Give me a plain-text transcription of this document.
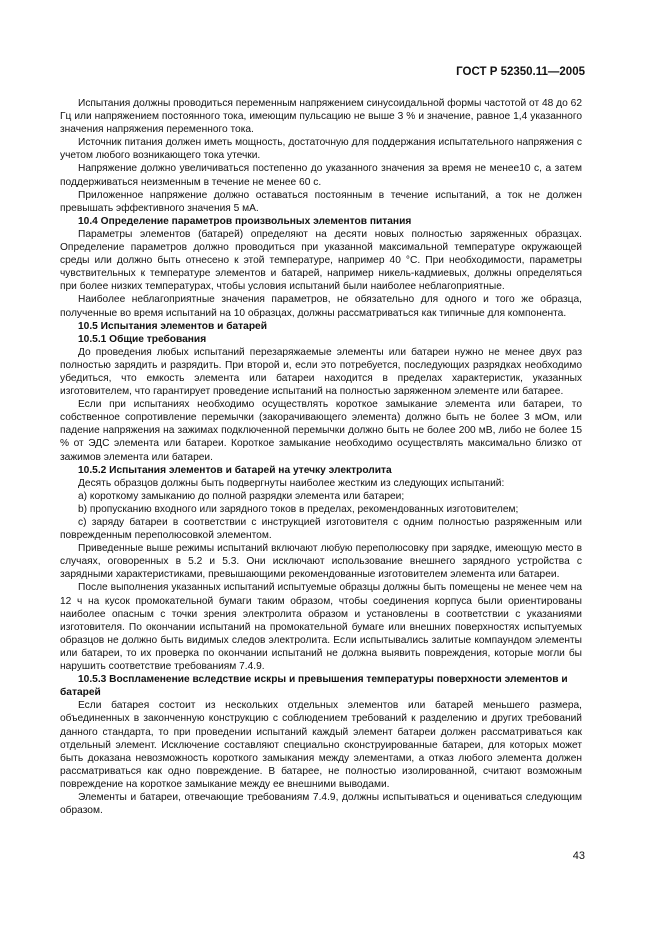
ГОСТ Р 52350.11—2005

Испытания должны проводиться переменным напряжением синусоидальной формы частотой от 48 до 62 Гц или напряжением постоянного тока, имеющим пульсацию не выше 3 % и значение, равное 1,4 указанного значения напряжения переменного тока.

Источник питания должен иметь мощность, достаточную для поддержания испытательного напряжения с учетом любого возникающего тока утечки.

Напряжение должно увеличиваться постепенно до указанного значения за время не менее10 с, а затем поддерживаться неизменным в течение не менее 60 с.

Приложенное напряжение должно оставаться постоянным в течение испытаний, а ток не должен превышать эффективного значения 5 мА.

10.4 Определение параметров произвольных элементов питания

Параметры элементов (батарей) определяют на десяти новых полностью заряженных образцах. Определение параметров должно проводиться при указанной максимальной температуре окружающей среды или должно быть отнесено к этой температуре, например 40 °С. При необходимости, параметры чувствительных к температуре элементов и батарей, например никель-кадмиевых, должны определяться при более низких температурах, чтобы условия испытаний были наиболее неблагоприятные.

Наиболее неблагоприятные значения параметров, не обязательно для одного и того же образца, полученные во время испытаний на 10 образцах, должны рассматриваться как типичные для компонента.

10.5 Испытания элементов и батарей
10.5.1 Общие требования

До проведения любых испытаний перезаряжаемые элементы или батареи нужно не менее двух раз полностью зарядить и разрядить. При второй и, если это потребуется, последующих разрядках необходимо убедиться, что емкость элемента или батареи находится в пределах характеристик, указанных изготовителем, что гарантирует проведение испытаний на полностью заряженном элементе или батарее.

Если при испытаниях необходимо осуществлять короткое замыкание элемента или батареи, то собственное сопротивление перемычки (закорачивающего элемента) должно быть не более 3 мОм, или падение напряжения на зажимах подключенной перемычки должно быть не более 200 мВ, либо не более 15 % от ЭДС элемента или батареи. Короткое замыкание необходимо осуществлять максимально близко от зажимов элемента или батареи.

10.5.2 Испытания элементов и батарей на утечку электролита

Десять образцов должны быть подвергнуты наиболее жестким из следующих испытаний:

а) короткому замыканию до полной разрядки элемента или батареи;

b) пропусканию входного или зарядного токов в пределах, рекомендованных изготовителем;

с) заряду батареи в соответствии с инструкцией изготовителя с одним полностью разряженным или поврежденным переполюсовкой элементом.

Приведенные выше режимы испытаний включают любую переполюсовку при зарядке, имеющую место в случаях, оговоренных в 5.2 и 5.3. Они исключают использование внешнего зарядного устройства с зарядными характеристиками, превышающими рекомендованные изготовителем элемента или батареи.

После выполнения указанных испытаний испытуемые образцы должны быть помещены не менее чем на 12 ч на кусок промокательной бумаги таким образом, чтобы соединения корпуса были ориентированы наиболее опасным с точки зрения электролита образом и установлены в соответствии с указаниями изготовителя. По окончании испытаний на промокательной бумаге или внешних поверхностях испытуемых образцов не должно быть видимых следов электролита. Если испытывались залитые компаундом элементы или батареи, то их проверка по окончании испытаний не должна выявить повреждения, которые могли бы нарушить соответствие требованиям 7.4.9.

10.5.3 Воспламенение вследствие искры и превышения температуры поверхности элементов и батарей

Если батарея состоит из нескольких отдельных элементов или батарей меньшего размера, объединенных в законченную конструкцию с соблюдением требований к разделению и других требований данного стандарта, то при проведении испытаний каждый элемент батареи должен рассматриваться как отдельный элемент. Исключение составляют специально сконструированные батареи, для которых может быть доказана невозможность короткого замыкания между элементами, а отказ любого элемента должен рассматриваться как одно повреждение. В батарее, не полностью изолированной, считают возможным повреждение на короткое замыкание между ее внешними выводами.

Элементы и батареи, отвечающие требованиям 7.4.9, должны испытываться и оцениваться следующим образом.

43
